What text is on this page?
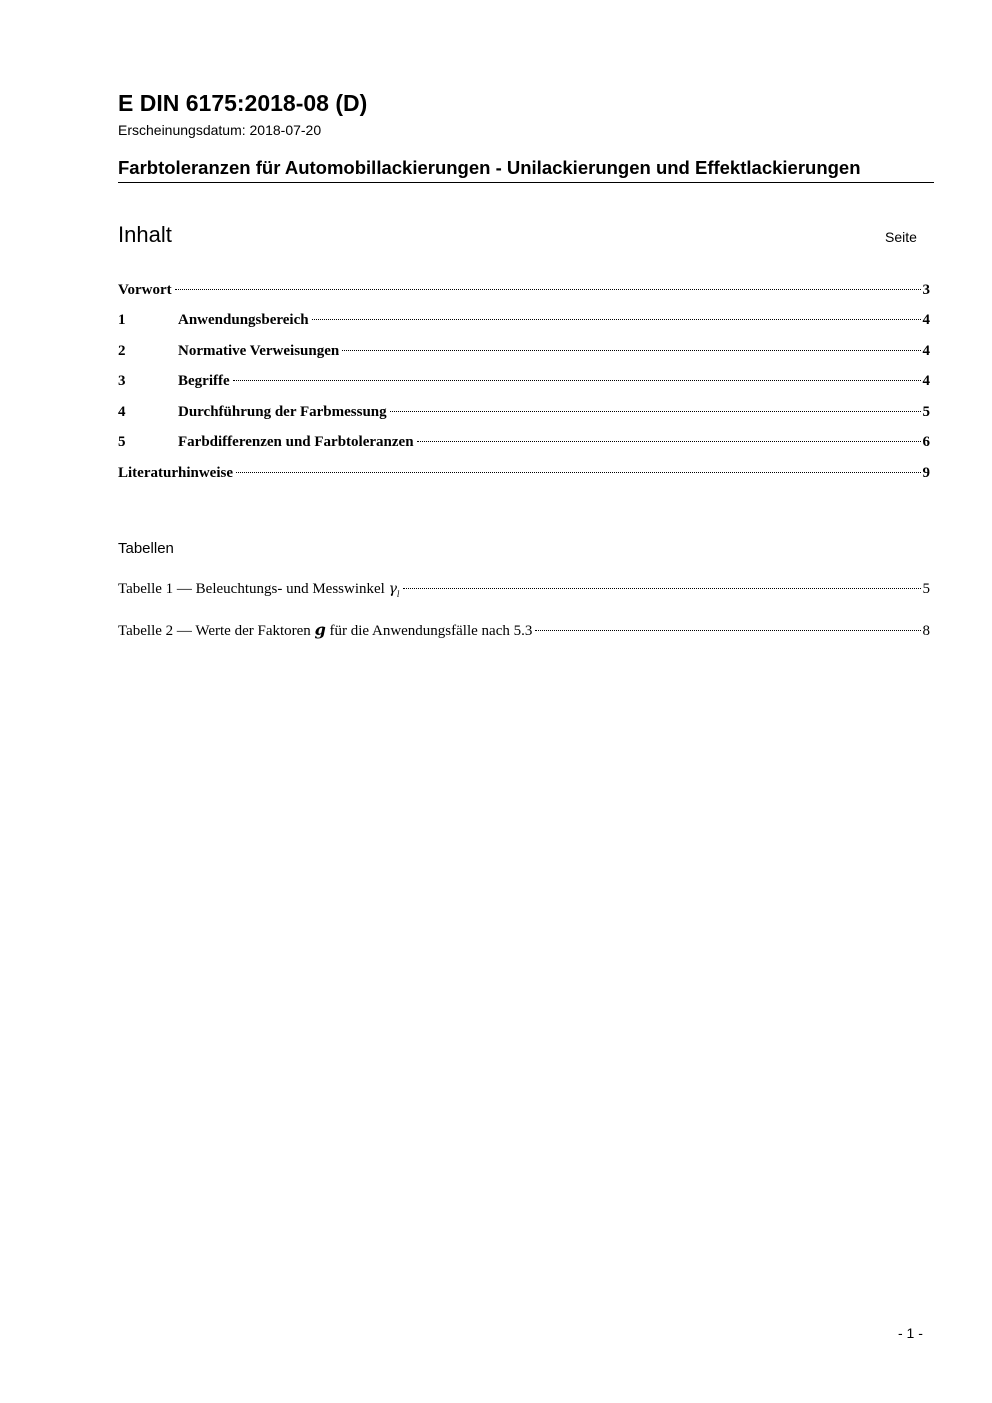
E DIN 6175:2018-08 (D)
Erscheinungsdatum: 2018-07-20
Farbtoleranzen für Automobillackierungen - Unilackierungen und Effektlackierungen
Inhalt	Seite
Vorwort	3
1	Anwendungsbereich	4
2	Normative Verweisungen	4
3	Begriffe	4
4	Durchführung der Farbmessung	5
5	Farbdifferenzen und Farbtoleranzen	6
Literaturhinweise	9
Tabellen
Tabelle 1 — Beleuchtungs- und Messwinkel $\gamma_l$	5
Tabelle 2 — Werte der Faktoren g für die Anwendungsfälle nach 5.3	8
- 1 -
